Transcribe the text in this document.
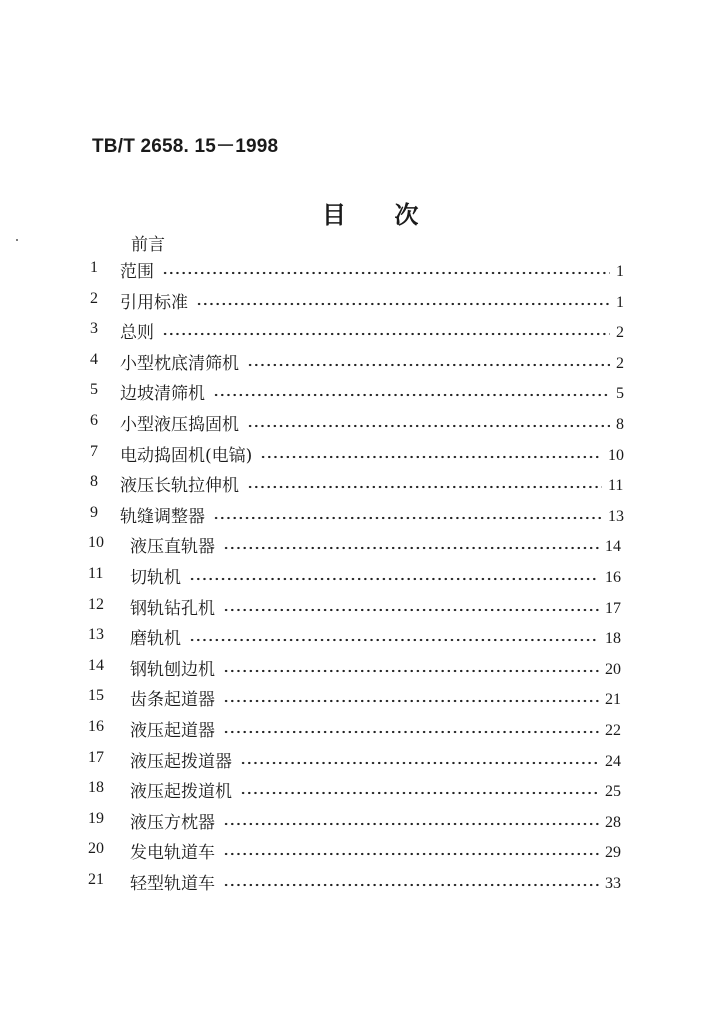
TB/T 2658. 15－1998
目 次
前言
1 范围	1
2 引用标准	1
3 总则	2
4 小型枕底清筛机	2
5 边坡清筛机	5
6 小型液压捣固机	8
7 电动捣固机(电镐)	10
8 液压长轨拉伸机	11
9 轨缝调整器	13
10 液压直轨器	14
11 切轨机	16
12 钢轨钻孔机	17
13 磨轨机	18
14 钢轨刨边机	20
15 齿条起道器	21
16 液压起道器	22
17 液压起拨道器	24
18 液压起拨道机	25
19 液压方枕器	28
20 发电轨道车	29
21 轻型轨道车	33
